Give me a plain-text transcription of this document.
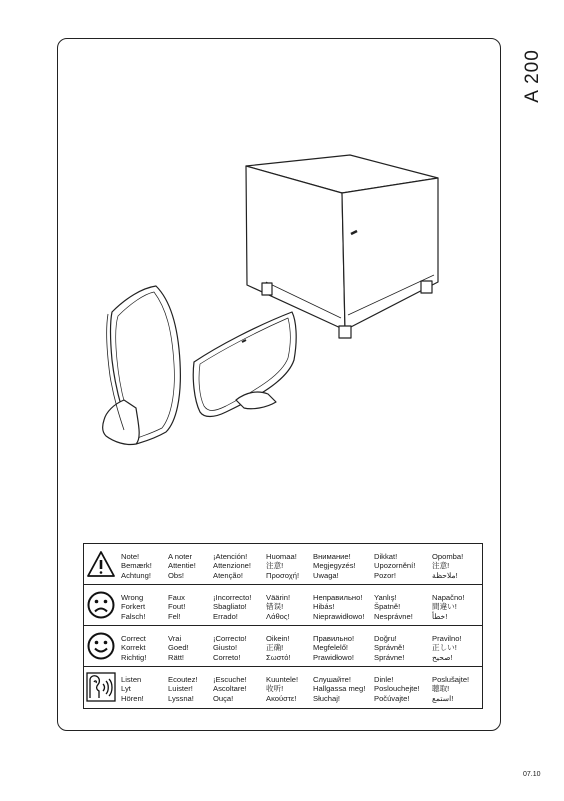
A 200
Note!
Bemærk!
Achtung!
A noter
Attentie!
Obs!
¡Atención!
Attenzione!
Atenção!
Huomaa!
注意!
Προσοχή!
Внимание!
Megjegyzés!
Uwaga!
Dikkat!
Upozornění!
Pozor!
Opomba!
注意!
ملاحظة!
Wrong
Forkert
Falsch!
Faux
Fout!
Fel!
¡Incorrecto!
Sbagliato!
Errado!
Väärin!
错误!
Λάθος!
Неправильно!
Hibás!
Nieprawidłowo!
Yanlış!
Špatně!
Nesprávne!
Napačno!
間違い!
خطأ!
Correct
Korrekt
Richtig!
Vrai
Goed!
Rätt!
¡Correcto!
Giusto!
Correto!
Oikein!
正确!
Σωστό!
Правильно!
Megfelelő!
Prawidłowo!
Doğru!
Správně!
Správne!
Pravilno!
正しい!
صحيح!
Listen
Lyt
Hören!
Ecoutez!
Luister!
Lyssna!
¡Escuche!
Ascoltare!
Ouça!
Kuuntele!
收听!
Ακούστε!
Слушайте!
Hallgassa meg!
Słuchaj!
Dinle!
Poslouchejte!
Počúvajte!
Poslušajte!
聴取!
استمع!
07.10
